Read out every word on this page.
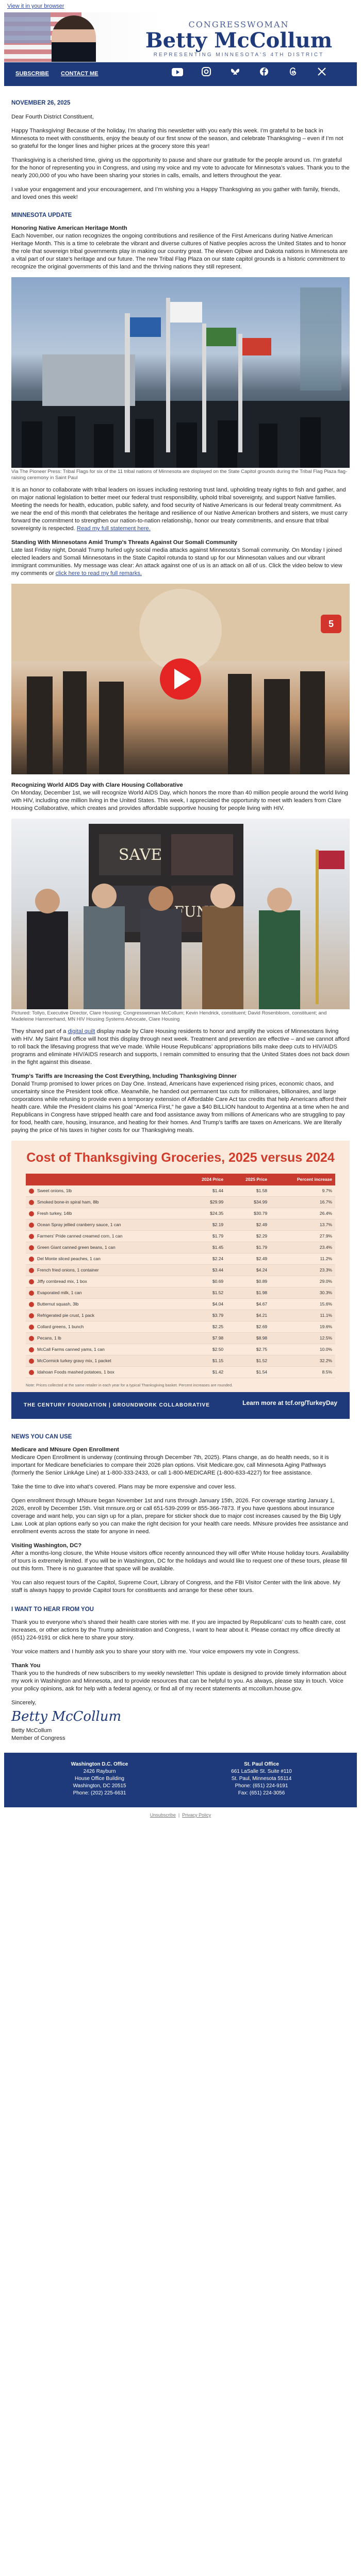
View it in your browser
CONGRESSWOMAN
Betty McCollum
REPRESENTING MINNESOTA'S 4TH DISTRICT
SUBSCRIBE CONTACT ME
NOVEMBER 26, 2025

Dear Fourth District Constituent,

Happy Thanksgiving! Because of the holiday, I’m sharing this newsletter with you early this week. I’m grateful to be back in Minnesota to meet with constituents, enjoy the beauty of our first snow of the season, and celebrate Thanksgiving – even if I’m not so grateful for the longer lines and higher prices at the grocery store this year!

Thanksgiving is a cherished time, giving us the opportunity to pause and share our gratitude for the people around us. I’m grateful for the honor of representing you in Congress, and using my voice and my vote to advocate for Minnesota’s values. Thank you to the nearly 200,000 of you who have been sharing your stories in calls, emails, and letters throughout the year.

I value your engagement and your encouragement, and I’m wishing you a Happy Thanksgiving as you gather with family, friends, and loved ones this week!

MINNESOTA UPDATE
Honoring Native American Heritage Month

Each November, our nation recognizes the ongoing contributions and resilience of the First Americans during Native American Heritage Month. This is a time to celebrate the vibrant and diverse cultures of Native peoples across the United States and to honor the role that sovereign tribal governments play in making our country great. The eleven Ojibwe and Dakota nations in Minnesota are a vital part of our state’s heritage and our future. The new Tribal Flag Plaza on our state capitol grounds is a historic commitment to recognize the original governments of this land and the thriving nations they still represent.

Via The Pioneer Press: Tribal Flags for six of the 11 tribal nations of Minnesota are displayed on the State Capitol grounds during the Tribal Flag Plaza flag-raising ceremony in Saint Paul

It is an honor to collaborate with tribal leaders on issues including restoring trust land, upholding treaty rights to fish and gather, and on major national legislation to better meet our federal trust responsibility, uphold tribal sovereignty, and support Native families. Meeting the needs for health, education, public safety, and food security of Native Americans is our federal treaty commitment. As we near the end of this month that celebrates the heritage and resilience of our Native American brothers and sisters, we must carry forward the commitment to strengthen our nation-to-nation relationship, honor our treaty commitments, and ensure that tribal sovereignty is respected. Read my full statement here.

Standing With Minnesotans Amid Trump’s Threats Against Our Somali Community

Late last Friday night, Donald Trump hurled ugly social media attacks against Minnesota’s Somali community. On Monday I joined elected leaders and Somali Minnesotans in the State Capitol rotunda to stand up for our Minnesotan values and our vibrant immigrant communities. My message was clear: An attack against one of us is an attack on all of us. Click the video below to view my comments or click here to read my full remarks.

5
Recognizing World AIDS Day with Clare Housing Collaborative

On Monday, December 1st, we will recognize World AIDS Day, which honors the more than 40 million people around the world living with HIV, including one million living in the United States. This week, I appreciated the opportunity to meet with leaders from Clare Housing Collaborative, which creates and provides affordable supportive housing for people living with HIV.

SAVE
Pictured: Tollyo, Executive Director, Clare Housing; Congresswoman McCollum; Kevin Hendrick, constituent; David Rosenbloom, constituent; and Madeleine Hammerhand, MN HIV Housing Systems Advocate, Clare Housing

They shared part of a digital quilt display made by Clare Housing residents to honor and amplify the voices of Minnesotans living with HIV. My Saint Paul office will host this display through next week. Treatment and prevention are effective – and we cannot afford to roll back the lifesaving progress that we’ve made. While House Republicans’ appropriations bills make deep cuts to HIV/AIDS programs and eliminate HIV/AIDS research and supports, I remain committed to ensuring that the United States does not back down in the fight against this disease.

Trump’s Tariffs are Increasing the Cost Everything, Including Thanksgiving Dinner

Donald Trump promised to lower prices on Day One. Instead, Americans have experienced rising prices, economic chaos, and uncertainty since the President took office. Meanwhile, he handed out permanent tax cuts for millionaires, billionaires, and large corporations while refusing to provide even a temporary extension of Affordable Care Act tax credits that help Americans afford their health care. While the President claims his goal “America First,” he gave a $40 BILLION handout to Argentina at a time when he and Republicans in Congress have stripped health care and food assistance away from millions of Americans who are struggling to pay for food, health care, housing, insurance, and heating for their homes. And Trump’s tariffs are taxes on Americans. We are literally paying the price of his taxes in higher costs for our Thanksgiving meals.

Cost of Thanksgiving Groceries, 2025 versus 2024
	2024 Price	2025 Price	Percent increase
Sweet onions, 1lb	$1.44	$1.58	9.7%
Smoked bone-in spiral ham, 8lb	$29.99	$34.99	16.7%
Fresh turkey, 14lb	$24.35	$30.79	26.4%
Ocean Spray jellied cranberry sauce, 1 can	$2.19	$2.49	13.7%
Farmers’ Pride canned creamed corn, 1 can	$1.79	$2.29	27.9%
Green Giant canned green beans, 1 can	$1.45	$1.79	23.4%
Del Monte sliced peaches, 1 can	$2.24	$2.49	11.2%
French fried onions, 1 container	$3.44	$4.24	23.3%
Jiffy cornbread mix, 1 box	$0.69	$0.89	29.0%
Evaporated milk, 1 can	$1.52	$1.98	30.3%
Butternut squash, 3lb	$4.04	$4.67	15.6%
Refrigerated pie crust, 1 pack	$3.79	$4.21	11.1%
Collard greens, 1 bunch	$2.25	$2.69	19.6%
Pecans, 1 lb	$7.98	$8.98	12.5%
McCall Farms canned yams, 1 can	$2.50	$2.75	10.0%
McCormick turkey gravy mix, 1 packet	$1.15	$1.52	32.2%
Idahoan Foods mashed potatoes, 1 box	$1.42	$1.54	8.5%
Note: Prices collected at the same retailer in each year for a typical Thanksgiving basket. Percent increases are rounded.
THE CENTURY FOUNDATION | GROUNDWORK COLLABORATIVE	Learn more at tcf.org/TurkeyDay
NEWS YOU CAN USE
Medicare and MNsure Open Enrollment

Medicare Open Enrollment is underway (continuing through December 7th, 2025). Plans change, as do health needs, so it is important for Medicare beneficiaries to compare their 2026 plan options. Visit Medicare.gov, call Minnesota Aging Pathways (formerly the Senior LinkAge Line) at 1-800-333-2433, or call 1-800-MEDICARE (1-800-633-4227) for free assistance.

Take the time to dive into what’s covered. Plans may be more expensive and cover less.

Open enrollment through MNsure began November 1st and runs through January 15th, 2026. For coverage starting January 1, 2026, enroll by December 15th. Visit mnsure.org or call 651-539-2099 or 855-366-7873. If you have questions about insurance coverage and want help, you can sign up for a plan, prepare for sticker shock due to major cost increases caused by the Big Ugly Law. Look at plan options early so you can make the right decision for your health care needs. MNsure provides free assistance and enrollment events across the state for anyone in need.

Visiting Washington, DC?

After a months-long closure, the White House visitors office recently announced they will offer White House holiday tours. Availability of tours is extremely limited. If you will be in Washington, DC for the holidays and would like to request one of these tours, please fill out this form. There is no guarantee that space will be available.

You can also request tours of the Capitol, Supreme Court, Library of Congress, and the FBI Visitor Center with the link above. My staff is always happy to provide Capitol tours for constituents and arrange for these other tours.

I WANT TO HEAR FROM YOU

Thank you to everyone who’s shared their health care stories with me. If you are impacted by Republicans’ cuts to health care, cost increases, or other actions by the Trump administration and Congress, I want to hear about it. Please contact my office directly at (651) 224-9191 or click here to share your story.

Your voice matters and I humbly ask you to share your story with me. Your voice empowers my vote in Congress.

Thank You

Thank you to the hundreds of new subscribers to my weekly newsletter! This update is designed to provide timely information about my work in Washington and Minnesota, and to provide resources that can be helpful to you. As always, please stay in touch. Voice your policy opinions, ask for help with a federal agency, or find all of my recent statements at mccollum.house.gov.

Sincerely,

Betty McCollum
Betty McCollum
Member of Congress
Washington D.C. Office
2426 Rayburn
House Office Building
Washington, DC 20515
Phone: (202) 225-6631
St. Paul Office
661 LaSalle St. Suite #110
St. Paul, Minnesota 55114
Phone: (651) 224-9191
Fax: (651) 224-3056
Unsubscribe  |  Privacy Policy
